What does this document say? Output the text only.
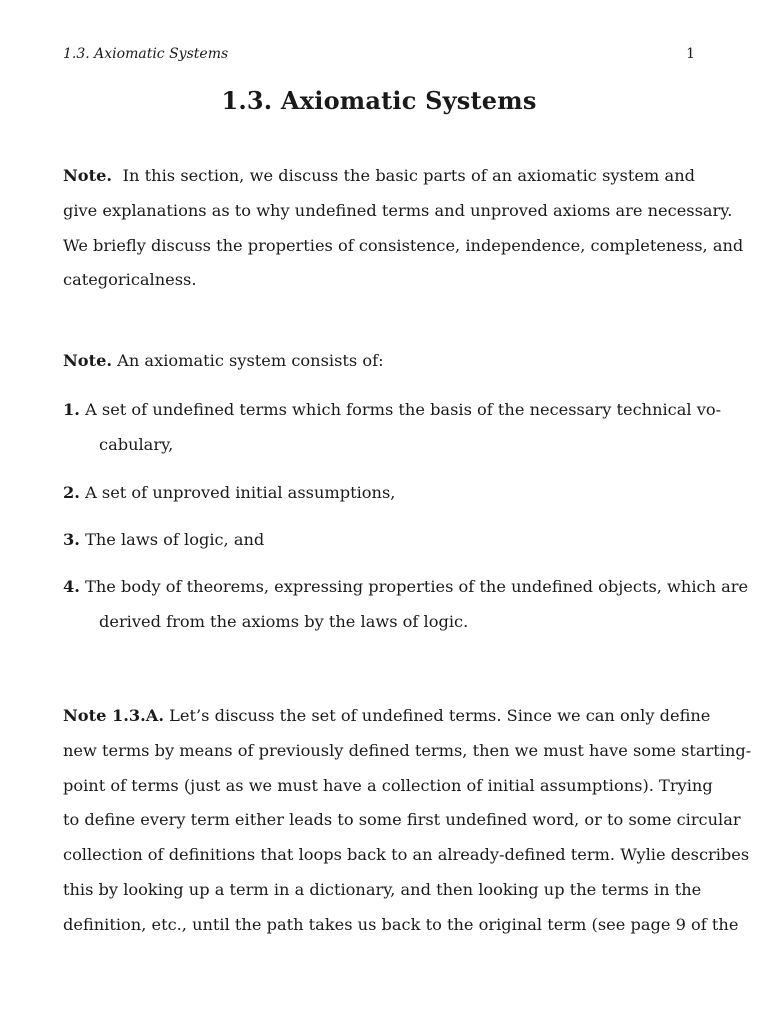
1.3. Axiomatic Systems	1
1.3. Axiomatic Systems
Note. In this section, we discuss the basic parts of an axiomatic system and
give explanations as to why undefined terms and unproved axioms are necessary.
We briefly discuss the properties of consistence, independence, completeness, and
categoricalness.
Note. An axiomatic system consists of:
1. A set of undefined terms which forms the basis of the necessary technical vo-
cabulary,
2. A set of unproved initial assumptions,
3. The laws of logic, and
4. The body of theorems, expressing properties of the undefined objects, which are
derived from the axioms by the laws of logic.
Note 1.3.A. Let’s discuss the set of undefined terms. Since we can only define
new terms by means of previously defined terms, then we must have some starting-
point of terms (just as we must have a collection of initial assumptions). Trying
to define every term either leads to some first undefined word, or to some circular
collection of definitions that loops back to an already-defined term. Wylie describes
this by looking up a term in a dictionary, and then looking up the terms in the
definition, etc., until the path takes us back to the original term (see page 9 of the
